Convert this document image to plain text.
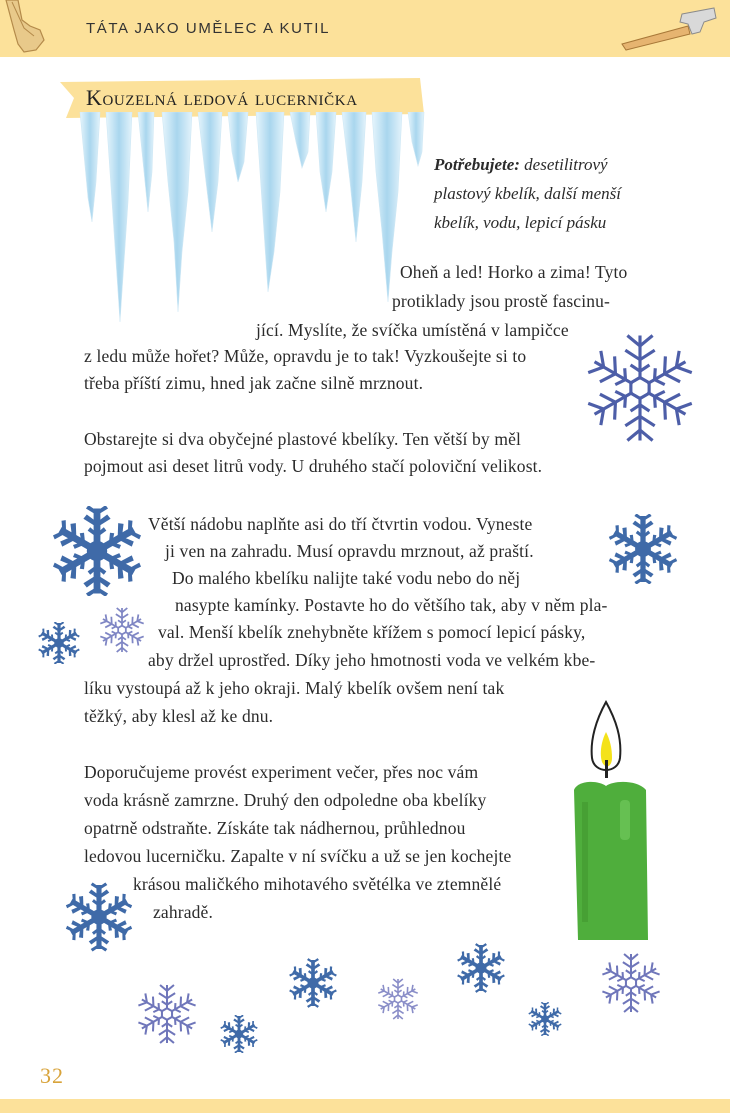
TÁTA JAKO UMĚLEC A KUTIL
Kouzelná ledová lucernička
Potřebujete: desetilitrový
plastový kbelík, další menší
kbelík, vodu, lepicí pásku
Oheň a led! Horko a zima! Tyto
protiklady jsou prostě fascinu-
jící. Myslíte, že svíčka umístěná v lampičce
z ledu může hořet? Může, opravdu je to tak! Vyzkoušejte si to
třeba příští zimu, hned jak začne silně mrznout.
Obstarejte si dva obyčejné plastové kbelíky. Ten větší by měl
pojmout asi deset litrů vody. U druhého stačí poloviční velikost.
Větší nádobu naplňte asi do tří čtvrtin vodou. Vyneste
ji ven na zahradu. Musí opravdu mrznout, až praští.
Do malého kbelíku nalijte také vodu nebo do něj
nasypte kamínky. Postavte ho do většího tak, aby v něm pla-
val. Menší kbelík znehybněte křížem s pomocí lepicí pásky,
aby držel uprostřed. Díky jeho hmotnosti voda ve velkém kbe-
líku vystoupá až k jeho okraji. Malý kbelík ovšem není tak
těžký, aby klesl až ke dnu.
Doporučujeme provést experiment večer, přes noc vám
voda krásně zamrzne. Druhý den odpoledne oba kbelíky
opatrně odstraňte. Získáte tak nádhernou, průhlednou
ledovou lucerničku. Zapalte v ní svíčku a už se jen kochejte
krásou maličkého mihotavého světélka ve ztemnělé
zahradě.
32
